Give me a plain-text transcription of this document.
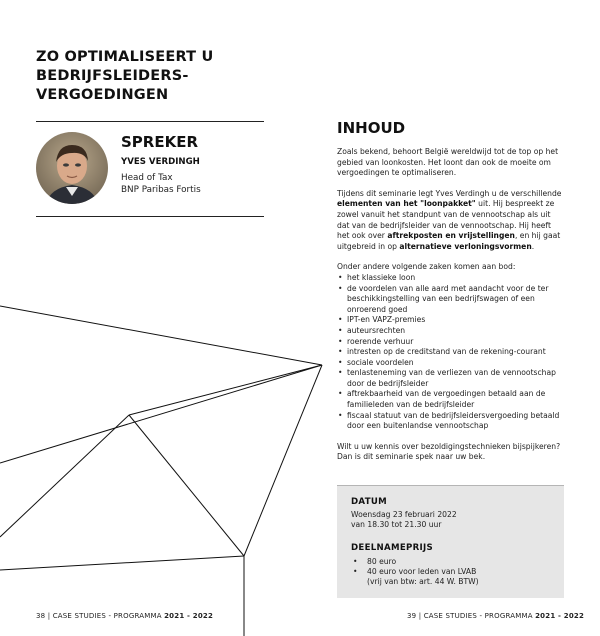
ZO OPTIMALISEERT U BEDRIJFSLEIDERS-VERGOEDINGEN
SPREKER
YVES VERDINGH
Head of Tax
BNP Paribas Fortis
INHOUD

Zoals bekend, behoort België wereldwijd tot de top op het gebied van loonkosten. Het loont dan ook de moeite om vergoedingen te optimaliseren.

Tijdens dit seminarie legt Yves Verdingh u de verschillende elementen van het "loonpakket" uit. Hij bespreekt ze zowel vanuit het standpunt van de vennootschap als uit dat van de bedrijfsleider van de vennootschap. Hij heeft het ook over aftrekposten en vrijstellingen, en hij gaat uitgebreid in op alternatieve verloningsvormen.

Onder andere volgende zaken komen aan bod:
• het klassieke loon
• de voordelen van alle aard met aandacht voor de ter beschikkingstelling van een bedrijfswagen of een onroerend goed
• IPT-en VAPZ-premies
• auteursrechten
• roerende verhuur
• intresten op de creditstand van de rekening-courant
• sociale voordelen
• tenlasteneming van de verliezen van de vennootschap door de bedrijfsleider
• aftrekbaarheid van de vergoedingen betaald aan de familieleden van de bedrijfsleider
• fiscaal statuut van de bedrijfsleidersvergoeding betaald door een buitenlandse vennootschap

Wilt u uw kennis over bezoldigingstechnieken bijspijkeren? Dan is dit seminarie spek naar uw bek.

DATUM

Woensdag 23 februari 2022

van 18.30 tot 21.30 uur

DEELNAMEPRIJS
• 80 euro
• 40 euro voor leden van LVAB
(vrij van btw: art. 44 W. BTW)
38 | CASE STUDIES - PROGRAMMA 2021 - 2022	39 | CASE STUDIES - PROGRAMMA 2021 - 2022
